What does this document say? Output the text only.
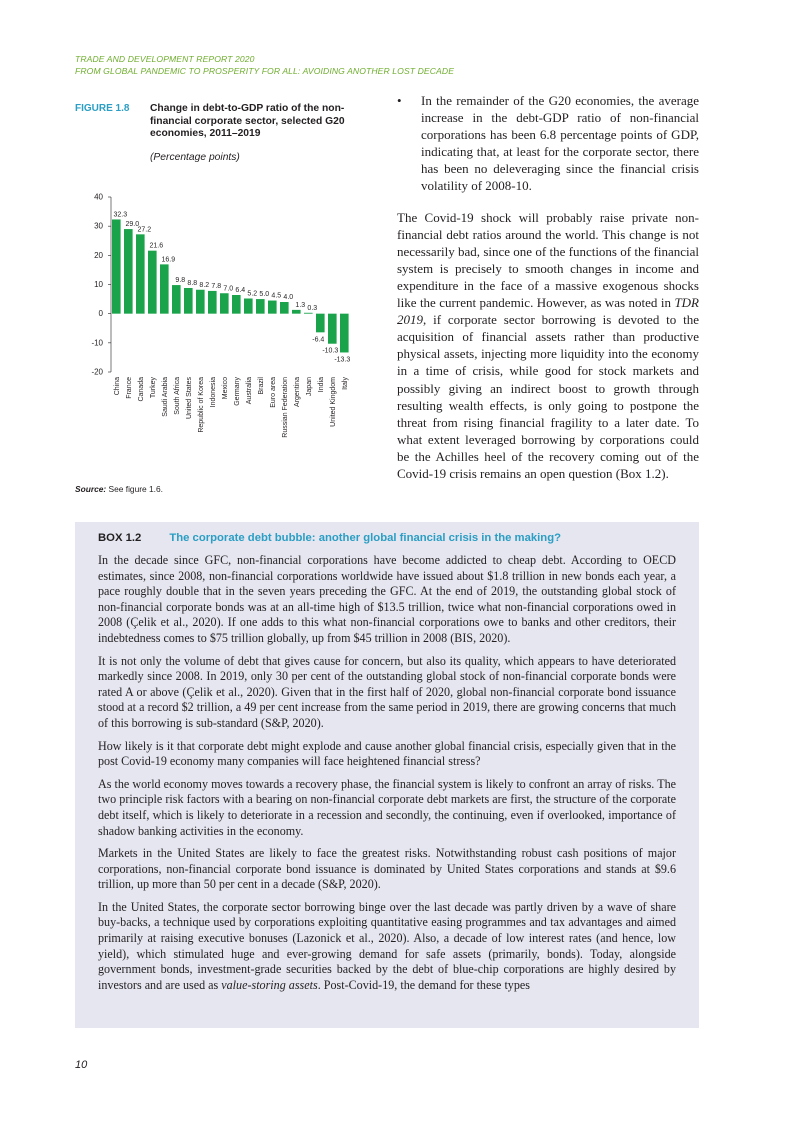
TRADE AND DEVELOPMENT REPORT 2020
FROM GLOBAL PANDEMIC TO PROSPERITY FOR ALL: AVOIDING ANOTHER LOST DECADE
FIGURE 1.8 Change in debt-to-GDP ratio of the non-financial corporate sector, selected G20 economies, 2011–2019
(Percentage points)
40
30
20
10
0
-10
-20
32.3
China
29.0
France
27.2
Canada
21.6
Turkey
16.9
Saudi Arabia
9.8
South Africa
8.8
United States
8.2
Republic of Korea
7.8
Indonesia
7.0
Mexico
6.4
Germany
5.2
Australia
5.0
Brazil
4.5
Euro area
4.0
Russian Federation
1.3
Argentina
0.3
Japan
-6.4
India
-10.3
United Kingdom
-13.3
Italy
Source: See figure 1.6.

• In the remainder of the G20 economies, the average increase in the debt-GDP ratio of non-financial corporations has been 6.8 percentage points of GDP, indicating that, at least for the corporate sector, there has been no deleveraging since the financial crisis volatility of 2008-10.

The Covid-19 shock will probably raise private non-financial debt ratios around the world. This change is not necessarily bad, since one of the functions of the financial system is precisely to smooth changes in income and expenditure in the face of a massive exogenous shocks like the current pandemic. However, as was noted in TDR 2019, if corporate sector borrowing is devoted to the acquisition of financial assets rather than productive physical assets, injecting more liquidity into the economy in a time of crisis, while good for stock markets and possibly giving an indirect boost to growth through resulting wealth effects, is only going to postpone the threat from rising financial fragility to a later date. To what extent leveraged borrowing by corporations could be the Achilles heel of the recovery coming out of the Covid-19 crisis remains an open question (Box 1.2).

BOX 1.2 The corporate debt bubble: another global financial crisis in the making?

In the decade since GFC, non-financial corporations have become addicted to cheap debt. According to OECD estimates, since 2008, non-financial corporations worldwide have issued about $1.8 trillion in new bonds each year, a pace roughly double that in the seven years preceding the GFC. At the end of 2019, the outstanding global stock of non-financial corporate bonds was at an all-time high of $13.5 trillion, twice what non-financial corporations owed in 2008 (Çelik et al., 2020). If one adds to this what non-financial corporations owe to banks and other creditors, their indebtedness comes to $75 trillion globally, up from $45 trillion in 2008 (BIS, 2020).

It is not only the volume of debt that gives cause for concern, but also its quality, which appears to have deteriorated markedly since 2008. In 2019, only 30 per cent of the outstanding global stock of non-financial corporate bonds were rated A or above (Çelik et al., 2020). Given that in the first half of 2020, global non-financial corporate bond issuance stood at a record $2 trillion, a 49 per cent increase from the same period in 2019, there are growing concerns that much of this borrowing is sub-standard (S&P, 2020).

How likely is it that corporate debt might explode and cause another global financial crisis, especially given that in the post Covid-19 economy many companies will face heightened financial stress?

As the world economy moves towards a recovery phase, the financial system is likely to confront an array of risks. The two principle risk factors with a bearing on non-financial corporate debt markets are first, the structure of the corporate debt itself, which is likely to deteriorate in a recession and secondly, the continuing, even if overlooked, importance of shadow banking activities in the economy.

Markets in the United States are likely to face the greatest risks. Notwithstanding robust cash positions of major corporations, non-financial corporate bond issuance is dominated by United States corporations and stands at $9.6 trillion, up more than 50 per cent in a decade (S&P, 2020).

In the United States, the corporate sector borrowing binge over the last decade was partly driven by a wave of share buy-backs, a technique used by corporations exploiting quantitative easing programmes and tax advantages and aimed primarily at raising executive bonuses (Lazonick et al., 2020). Also, a decade of low interest rates (and hence, low yield), which stimulated huge and ever-growing demand for safe assets (primarily, bonds). Today, alongside government bonds, investment-grade securities backed by the debt of blue-chip corporations are highly desired by investors and are used as value-storing assets. Post-Covid-19, the demand for these types

10
